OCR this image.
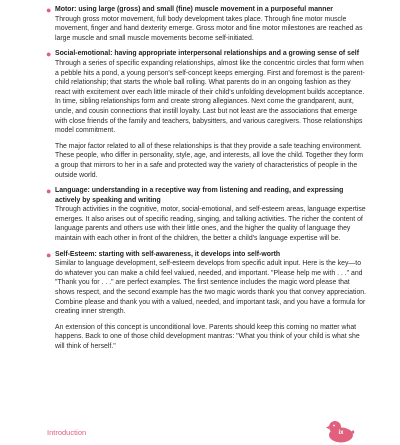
● Motor: using large (gross) and small (fine) muscle movement in a purposeful manner

Through gross motor movement, full body development takes place. Through fine motor muscle movement, finger and hand dexterity emerge. Gross motor and fine motor milestones are reached as large muscle and small muscle movements become self-initiated.

● Social-emotional: having appropriate interpersonal relationships and a growing sense of self

Through a series of specific expanding relationships, almost like the concentric circles that form when a pebble hits a pond, a young person's self-concept keeps emerging. First and foremost is the parent-child relationship; that starts the whole ball rolling. What parents do in an ongoing fashion as they react with excitement over each little miracle of their child's unfolding development builds acceptance. In time, sibling relationships form and create strong allegiances. Next come the grandparent, aunt, uncle, and cousin connections that instill loyalty. Last but not least are the associations that emerge with close friends of the family and teachers, babysitters, and various caregivers. Those relationships model commitment.

The major factor related to all of these relationships is that they provide a safe teaching environment. These people, who differ in personality, style, age, and interests, all love the child. Together they form a group that mirrors to her in a safe and protected way the variety of characteristics of people in the outside world.

● Language: understanding in a receptive way from listening and reading, and expressing actively by speaking and writing

Through activities in the cognitive, motor, social-emotional, and self-esteem areas, language expertise emerges. It also arises out of specific reading, singing, and talking activities. The richer the content of language parents and others use with their little ones, and the higher the quality of language they maintain with each other in front of the children, the better a child's language expertise will be.

● Self-Esteem: starting with self-awareness, it develops into self-worth

Similar to language development, self-esteem develops from specific adult input. Here is the key—to do whatever you can make a child feel valued, needed, and important. "Please help me with . . ." and "Thank you for . . ." are perfect examples. The first sentence includes the magic word please that shows respect, and the second example has the two magic words thank you that convey appreciation. Combine please and thank you with a valued, needed, and important task, and you have a formula for creating inner strength.

An extension of this concept is unconditional love. Parents should keep this coming no matter what happens. Back to one of those child development mantras: "What you think of your child is what she will think of herself."

Introduction	ix
